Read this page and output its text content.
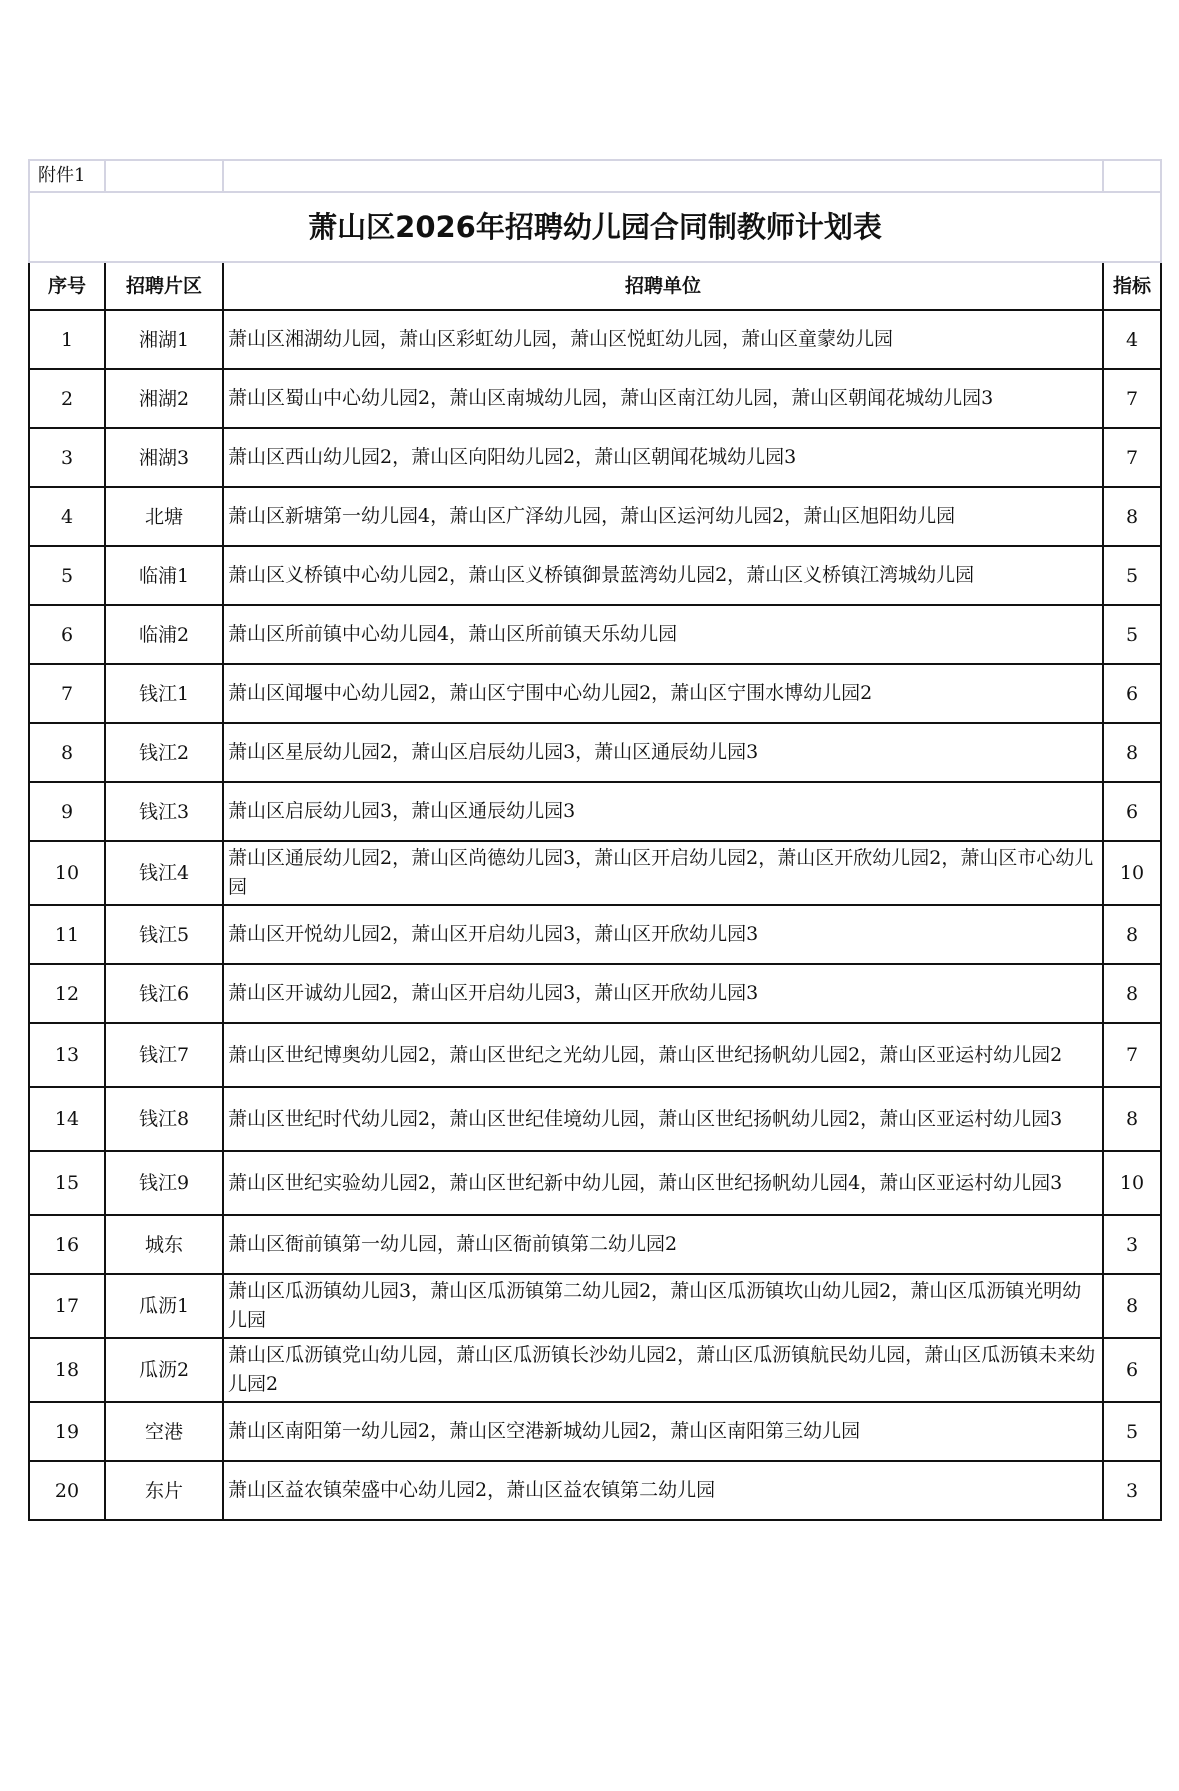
附件1			
萧山区2026年招聘幼儿园合同制教师计划表			
序号	招聘片区	招聘单位	指标
1	湘湖1	萧山区湘湖幼儿园，萧山区彩虹幼儿园，萧山区悦虹幼儿园，萧山区童蒙幼儿园	4
2	湘湖2	萧山区蜀山中心幼儿园2，萧山区南城幼儿园，萧山区南江幼儿园，萧山区朝闻花城幼儿园3	7
3	湘湖3	萧山区西山幼儿园2，萧山区向阳幼儿园2，萧山区朝闻花城幼儿园3	7
4	北塘	萧山区新塘第一幼儿园4，萧山区广泽幼儿园，萧山区运河幼儿园2，萧山区旭阳幼儿园	8
5	临浦1	萧山区义桥镇中心幼儿园2，萧山区义桥镇御景蓝湾幼儿园2，萧山区义桥镇江湾城幼儿园	5
6	临浦2	萧山区所前镇中心幼儿园4，萧山区所前镇天乐幼儿园	5
7	钱江1	萧山区闻堰中心幼儿园2，萧山区宁围中心幼儿园2，萧山区宁围水博幼儿园2	6
8	钱江2	萧山区星辰幼儿园2，萧山区启辰幼儿园3，萧山区通辰幼儿园3	8
9	钱江3	萧山区启辰幼儿园3，萧山区通辰幼儿园3	6
10	钱江4	萧山区通辰幼儿园2，萧山区尚德幼儿园3，萧山区开启幼儿园2，萧山区开欣幼儿园2，萧山区市心幼儿园	10
11	钱江5	萧山区开悦幼儿园2，萧山区开启幼儿园3，萧山区开欣幼儿园3	8
12	钱江6	萧山区开诚幼儿园2，萧山区开启幼儿园3，萧山区开欣幼儿园3	8
13	钱江7	萧山区世纪博奥幼儿园2，萧山区世纪之光幼儿园，萧山区世纪扬帆幼儿园2，萧山区亚运村幼儿园2	7
14	钱江8	萧山区世纪时代幼儿园2，萧山区世纪佳境幼儿园，萧山区世纪扬帆幼儿园2，萧山区亚运村幼儿园3	8
15	钱江9	萧山区世纪实验幼儿园2，萧山区世纪新中幼儿园，萧山区世纪扬帆幼儿园4，萧山区亚运村幼儿园3	10
16	城东	萧山区衙前镇第一幼儿园，萧山区衙前镇第二幼儿园2	3
17	瓜沥1	萧山区瓜沥镇幼儿园3，萧山区瓜沥镇第二幼儿园2，萧山区瓜沥镇坎山幼儿园2，萧山区瓜沥镇光明幼儿园	8
18	瓜沥2	萧山区瓜沥镇党山幼儿园，萧山区瓜沥镇长沙幼儿园2，萧山区瓜沥镇航民幼儿园，萧山区瓜沥镇未来幼儿园2	6
19	空港	萧山区南阳第一幼儿园2，萧山区空港新城幼儿园2，萧山区南阳第三幼儿园	5
20	东片	萧山区益农镇荣盛中心幼儿园2，萧山区益农镇第二幼儿园	3
